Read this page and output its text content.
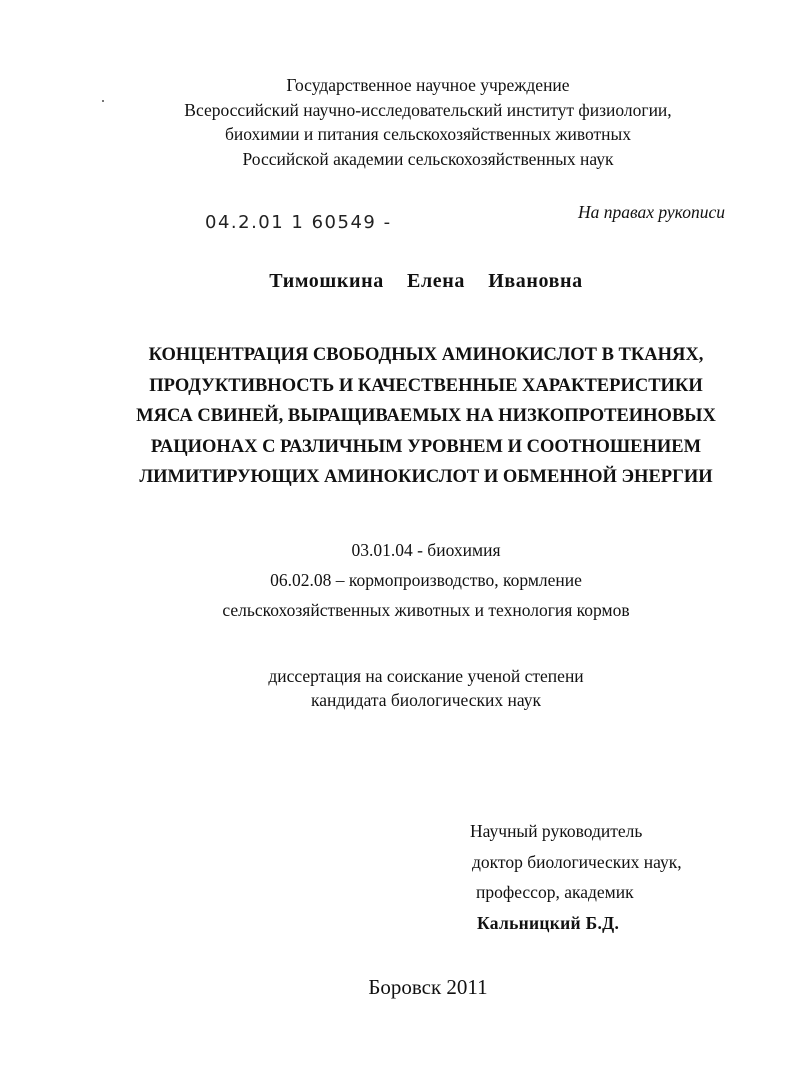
Государственное научное учреждение
Всероссийский научно-исследовательский институт физиологии,
биохимии и питания сельскохозяйственных животных
Российской академии сельскохозяйственных наук
04.2.01 1 60549 -	На правах рукописи
Тимошкина  Елена  Ивановна
КОНЦЕНТРАЦИЯ СВОБОДНЫХ АМИНОКИСЛОТ В ТКАНЯХ,
ПРОДУКТИВНОСТЬ И КАЧЕСТВЕННЫЕ ХАРАКТЕРИСТИКИ
МЯСА СВИНЕЙ, ВЫРАЩИВАЕМЫХ НА НИЗКОПРОТЕИНОВЫХ
РАЦИОНАХ С РАЗЛИЧНЫМ УРОВНЕМ И СООТНОШЕНИЕМ
ЛИМИТИРУЮЩИХ АМИНОКИСЛОТ И ОБМЕННОЙ ЭНЕРГИИ
03.01.04 - биохимия
06.02.08 – кормопроизводство, кормление
сельскохозяйственных животных и технология кормов
диссертация на соискание ученой степени
кандидата биологических наук
Научный руководитель
доктор биологических наук,
профессор, академик
Кальницкий Б.Д.
Боровск 2011
